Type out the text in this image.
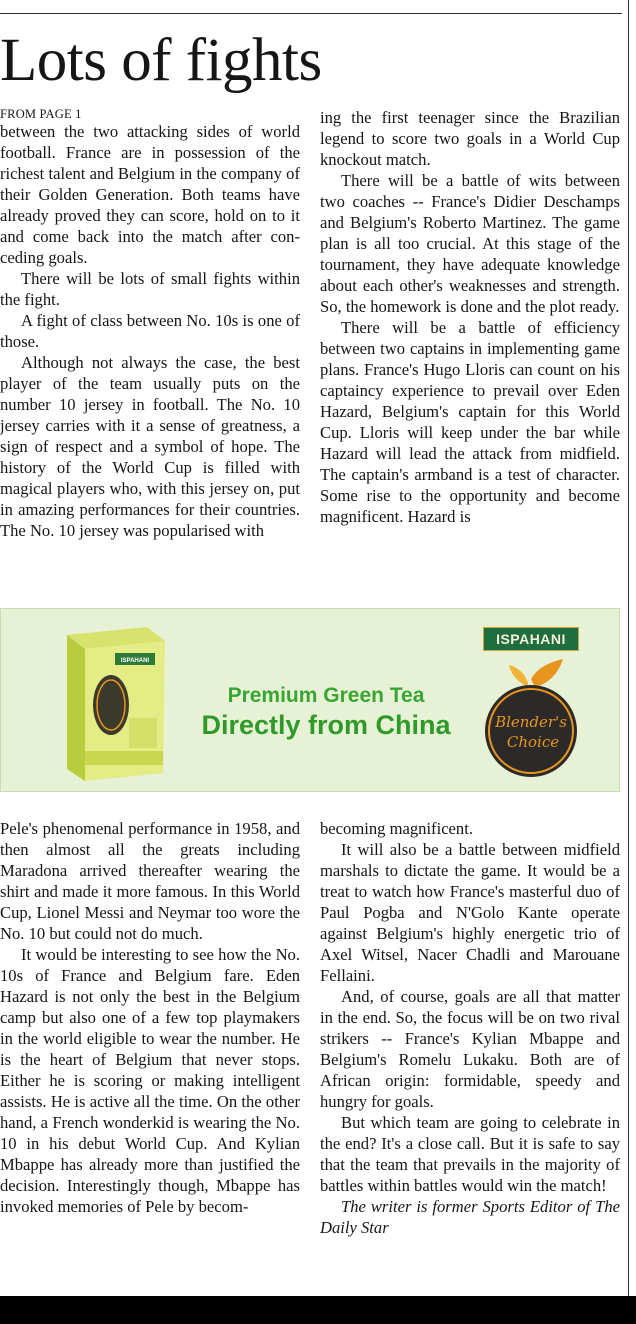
Lots of fights
FROM PAGE 1

between the two attacking sides of world football. France are in possession of the richest talent and Belgium in the company of their Golden Generation. Both teams have already proved they can score, hold on to it and come back into the match after conceding goals.

There will be lots of small fights within the fight.

A fight of class between No. 10s is one of those.

Although not always the case, the best player of the team usually puts on the number 10 jersey in football. The No. 10 jersey carries with it a sense of greatness, a sign of respect and a symbol of hope. The history of the World Cup is filled with magical players who, with this jersey on, put in amazing performances for their countries. The No. 10 jersey was popularised with

ing the first teenager since the Brazilian legend to score two goals in a World Cup knockout match.

There will be a battle of wits between two coaches -- France's Didier Deschamps and Belgium's Roberto Martinez. The game plan is all too crucial. At this stage of the tournament, they have adequate knowledge about each other's weaknesses and strength. So, the homework is done and the plot ready.

There will be a battle of efficiency between two captains in implementing game plans. France's Hugo Lloris can count on his captaincy experience to prevail over Eden Hazard, Belgium's captain for this World Cup. Lloris will keep under the bar while Hazard will lead the attack from midfield. The captain's armband is a test of character. Some rise to the opportunity and become magnificent. Hazard is

ISPAHANI
Premium Green Tea
Directly from China
ISPAHANI
Blender's
Choice

Pele's phenomenal performance in 1958, and then almost all the greats including Maradona arrived thereafter wearing the shirt and made it more famous. In this World Cup, Lionel Messi and Neymar too wore the No. 10 but could not do much.

It would be interesting to see how the No. 10s of France and Belgium fare. Eden Hazard is not only the best in the Belgium camp but also one of a few top playmakers in the world eligible to wear the number. He is the heart of Belgium that never stops. Either he is scoring or making intelligent assists. He is active all the time. On the other hand, a French wonderkid is wearing the No. 10 in his debut World Cup. And Kylian Mbappe has already more than justified the decision. Interestingly though, Mbappe has invoked memories of Pele by becom-

becoming magnificent.

It will also be a battle between midfield marshals to dictate the game. It would be a treat to watch how France's masterful duo of Paul Pogba and N'Golo Kante operate against Belgium's highly energetic trio of Axel Witsel, Nacer Chadli and Marouane Fellaini.

And, of course, goals are all that matter in the end. So, the focus will be on two rival strikers -- France's Kylian Mbappe and Belgium's Romelu Lukaku. Both are of African origin: formidable, speedy and hungry for goals.

But which team are going to celebrate in the end? It's a close call. But it is safe to say that the team that prevails in the majority of battles within battles would win the match!

The writer is former Sports Editor of The Daily Star
